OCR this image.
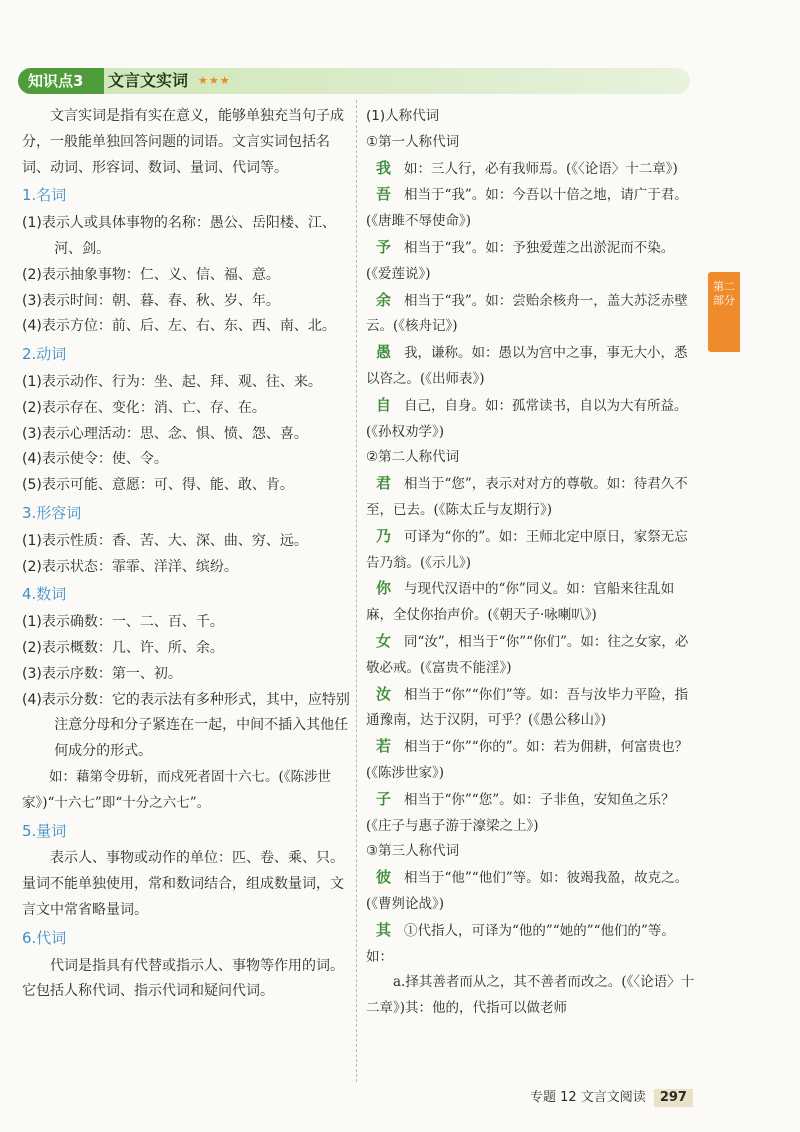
知识点3	文言文实词 ★★★

文言实词是指有实在意义，能够单独充当句子成分，一般能单独回答问题的词语。文言实词包括名词、动词、形容词、数词、量词、代词等。

1.名词

(1)表示人或具体事物的名称：愚公、岳阳楼、江、河、剑。

(2)表示抽象事物：仁、义、信、福、意。

(3)表示时间：朝、暮、春、秋、岁、年。

(4)表示方位：前、后、左、右、东、西、南、北。

2.动词

(1)表示动作、行为：坐、起、拜、观、往、来。

(2)表示存在、变化：消、亡、存、在。

(3)表示心理活动：思、念、惧、愤、怨、喜。

(4)表示使令：使、令。

(5)表示可能、意愿：可、得、能、敢、肯。

3.形容词

(1)表示性质：香、苦、大、深、曲、穷、远。

(2)表示状态：霏霏、洋洋、缤纷。

4.数词

(1)表示确数：一、二、百、千。

(2)表示概数：几、许、所、余。

(3)表示序数：第一、初。

(4)表示分数：它的表示法有多种形式，其中，应特别注意分母和分子紧连在一起，中间不插入其他任何成分的形式。

如：藉第令毋斩，而戍死者固十六七。(《陈涉世家》)“十六七”即“十分之六七”。

5.量词

表示人、事物或动作的单位：匹、卷、乘、只。量词不能单独使用，常和数词结合，组成数量词，文言文中常省略量词。

6.代词

代词是指具有代替或指示人、事物等作用的词。它包括人称代词、指示代词和疑问代词。

(1)人称代词

①第一人称代词

我 如：三人行，必有我师焉。(《〈论语〉十二章》)

吾 相当于“我”。如：今吾以十倍之地，请广于君。(《唐雎不辱使命》)

予 相当于“我”。如：予独爱莲之出淤泥而不染。(《爱莲说》)

余 相当于“我”。如：尝贻余核舟一，盖大苏泛赤壁云。(《核舟记》)

愚 我，谦称。如：愚以为宫中之事，事无大小，悉以咨之。(《出师表》)

自 自己，自身。如：孤常读书，自以为大有所益。(《孙权劝学》)

②第二人称代词

君 相当于“您”，表示对对方的尊敬。如：待君久不至，已去。(《陈太丘与友期行》)

乃 可译为“你的”。如：王师北定中原日，家祭无忘告乃翁。(《示儿》)

你 与现代汉语中的“你”同义。如：官船来往乱如麻，全仗你抬声价。(《朝天子·咏喇叭》)

女 同“汝”，相当于“你”“你们”。如：往之女家，必敬必戒。(《富贵不能淫》)

汝 相当于“你”“你们”等。如：吾与汝毕力平险，指通豫南，达于汉阴，可乎？(《愚公移山》)

若 相当于“你”“你的”。如：若为佣耕，何富贵也？(《陈涉世家》)

子 相当于“你”“您”。如：子非鱼，安知鱼之乐？(《庄子与惠子游于濠梁之上》)

③第三人称代词

彼 相当于“他”“他们”等。如：彼竭我盈，故克之。(《曹刿论战》)

其 ①代指人，可译为“他的”“她的”“他们的”等。如：

a.择其善者而从之，其不善者而改之。(《〈论语〉十二章》)其：他的，代指可以做老师

第二部分
专题 12 文言文阅读 297
